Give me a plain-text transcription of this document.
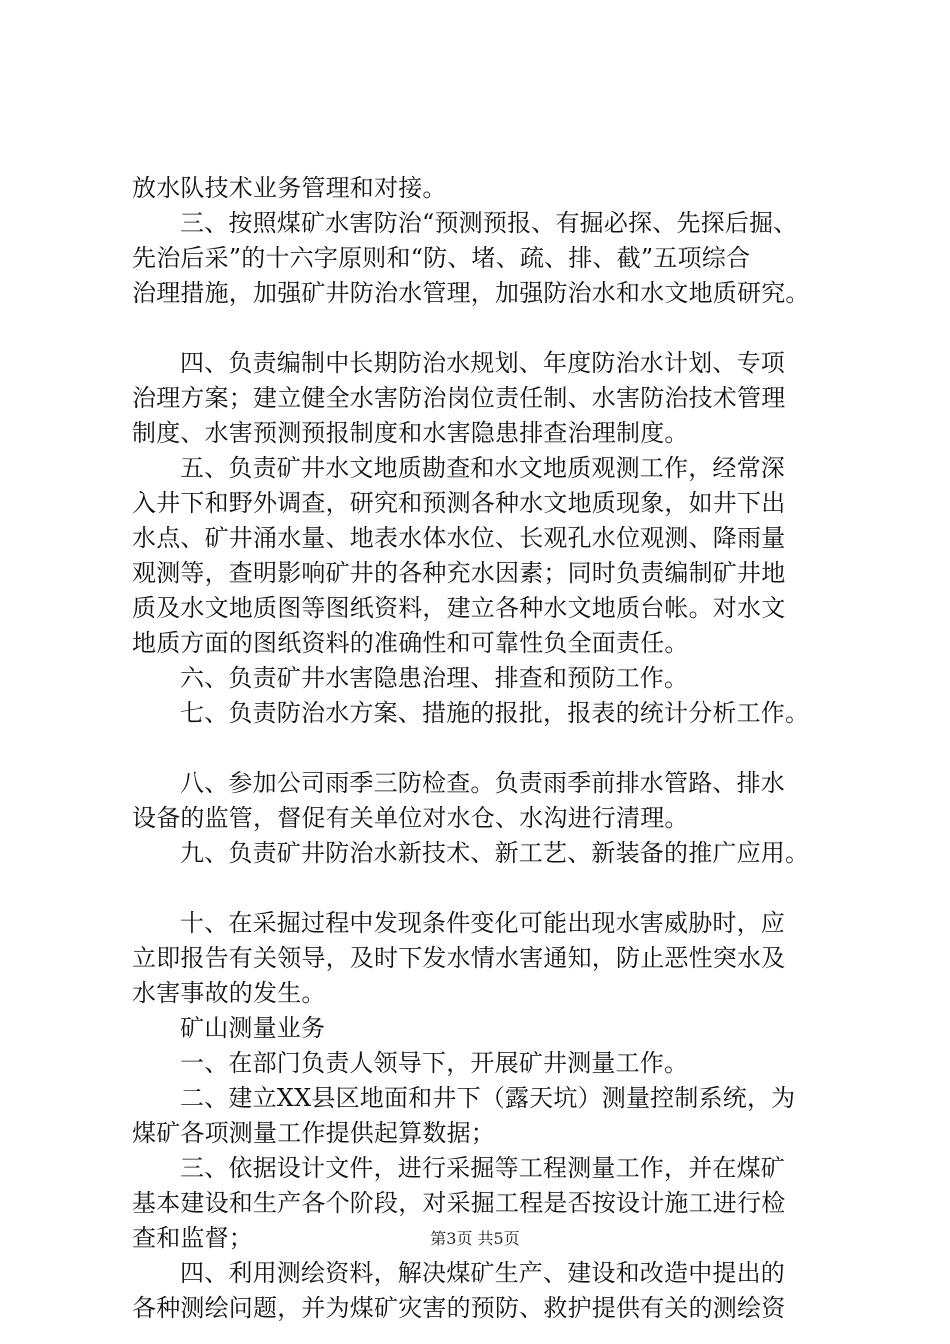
放水队技术业务管理和对接。
三、按照煤矿水害防治“预测预报、有掘必探、先探后掘、
先治后采”的十六字原则和“防、堵、疏、排、截”五项综合
治理措施，加强矿井防治水管理，加强防治水和水文地质研究。
四、负责编制中长期防治水规划、年度防治水计划、专项
治理方案；建立健全水害防治岗位责任制、水害防治技术管理
制度、水害预测预报制度和水害隐患排查治理制度。
五、负责矿井水文地质勘查和水文地质观测工作，经常深
入井下和野外调查，研究和预测各种水文地质现象，如井下出
水点、矿井涌水量、地表水体水位、长观孔水位观测、降雨量
观测等，查明影响矿井的各种充水因素；同时负责编制矿井地
质及水文地质图等图纸资料，建立各种水文地质台帐。对水文
地质方面的图纸资料的准确性和可靠性负全面责任。
六、负责矿井水害隐患治理、排查和预防工作。
七、负责防治水方案、措施的报批，报表的统计分析工作。
八、参加公司雨季三防检查。负责雨季前排水管路、排水
设备的监管，督促有关单位对水仓、水沟进行清理。
九、负责矿井防治水新技术、新工艺、新装备的推广应用。
十、在采掘过程中发现条件变化可能出现水害威胁时，应
立即报告有关领导，及时下发水情水害通知，防止恶性突水及
水害事故的发生。
矿山测量业务
一、在部门负责人领导下，开展矿井测量工作。
二、建立XX县区地面和井下（露天坑）测量控制系统，为
煤矿各项测量工作提供起算数据；
三、依据设计文件，进行采掘等工程测量工作，并在煤矿
基本建设和生产各个阶段，对采掘工程是否按设计施工进行检
查和监督；
四、利用测绘资料，解决煤矿生产、建设和改造中提出的
各种测绘问题，并为煤矿灾害的预防、救护提供有关的测绘资
第3页 共5页
